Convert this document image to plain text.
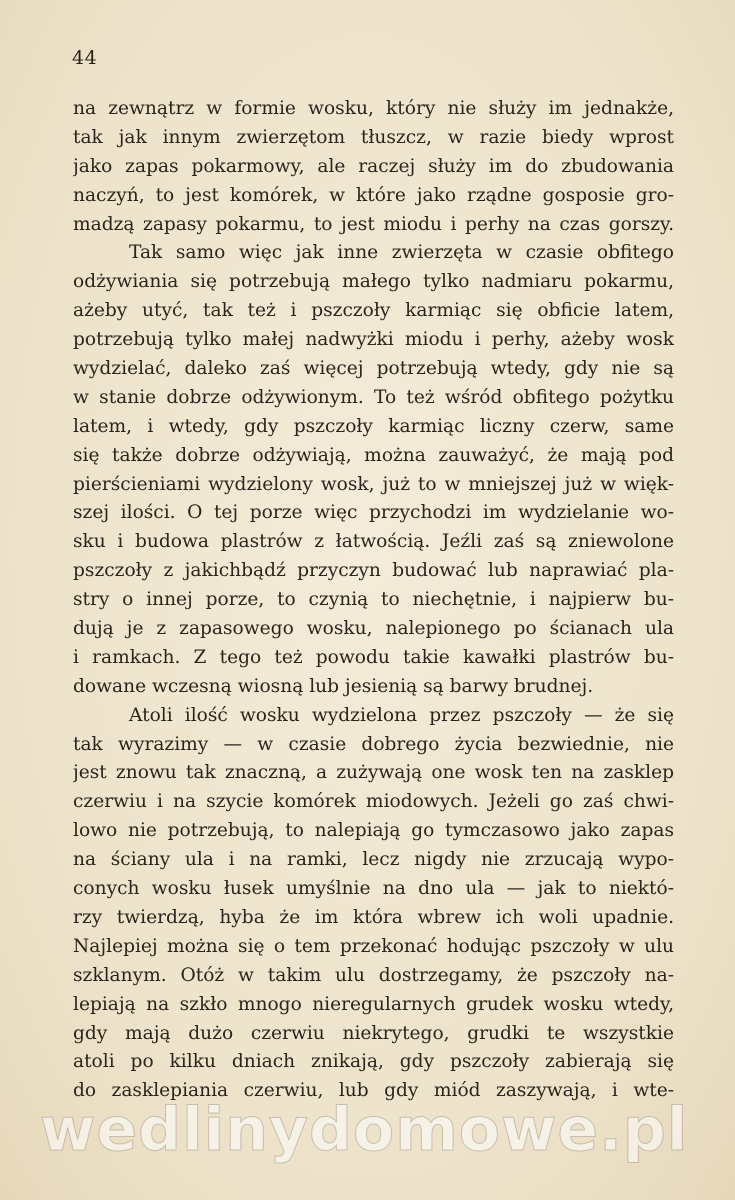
44
na zewnątrz w formie wosku, który nie służy im jednakże,
tak jak innym zwierzętom tłuszcz, w razie biedy wprost
jako zapas pokarmowy, ale raczej służy im do zbudowania
naczyń, to jest komórek, w które jako rządne gosposie gro-
madzą zapasy pokarmu, to jest miodu i perhy na czas gorszy.
Tak samo więc jak inne zwierzęta w czasie obfitego
odżywiania się potrzebują małego tylko nadmiaru pokarmu,
ażeby utyć, tak też i pszczoły karmiąc się obficie latem,
potrzebują tylko małej nadwyżki miodu i perhy, ażeby wosk
wydzielać, daleko zaś więcej potrzebują wtedy, gdy nie są
w stanie dobrze odżywionym. To też wśród obfitego pożytku
latem, i wtedy, gdy pszczoły karmiąc liczny czerw, same
się także dobrze odżywiają, można zauważyć, że mają pod
pierścieniami wydzielony wosk, już to w mniejszej już w więk-
szej ilości. O tej porze więc przychodzi im wydzielanie wo-
sku i budowa plastrów z łatwością. Jeźli zaś są zniewolone
pszczoły z jakichbądź przyczyn budować lub naprawiać pla-
stry o innej porze, to czynią to niechętnie, i najpierw bu-
dują je z zapasowego wosku, nalepionego po ścianach ula
i ramkach. Z tego też powodu takie kawałki plastrów bu-
dowane wczesną wiosną lub jesienią są barwy brudnej.
Atoli ilość wosku wydzielona przez pszczoły — że się
tak wyrazimy — w czasie dobrego życia bezwiednie, nie
jest znowu tak znaczną, a zużywają one wosk ten na zasklep
czerwiu i na szycie komórek miodowych. Jeżeli go zaś chwi-
lowo nie potrzebują, to nalepiają go tymczasowo jako zapas
na ściany ula i na ramki, lecz nigdy nie zrzucają wypo-
conych wosku łusek umyślnie na dno ula — jak to niektó-
rzy twierdzą, hyba że im która wbrew ich woli upadnie.
Najlepiej można się o tem przekonać hodując pszczoły w ulu
szklanym. Otóż w takim ulu dostrzegamy, że pszczoły na-
lepiają na szkło mnogo nieregularnych grudek wosku wtedy,
gdy mają dużo czerwiu niekrytego, grudki te wszystkie
atoli po kilku dniach znikają, gdy pszczoły zabierają się
do zasklepiania czerwiu, lub gdy miód zaszywają, i wte-
wedlinydomowe.pl
